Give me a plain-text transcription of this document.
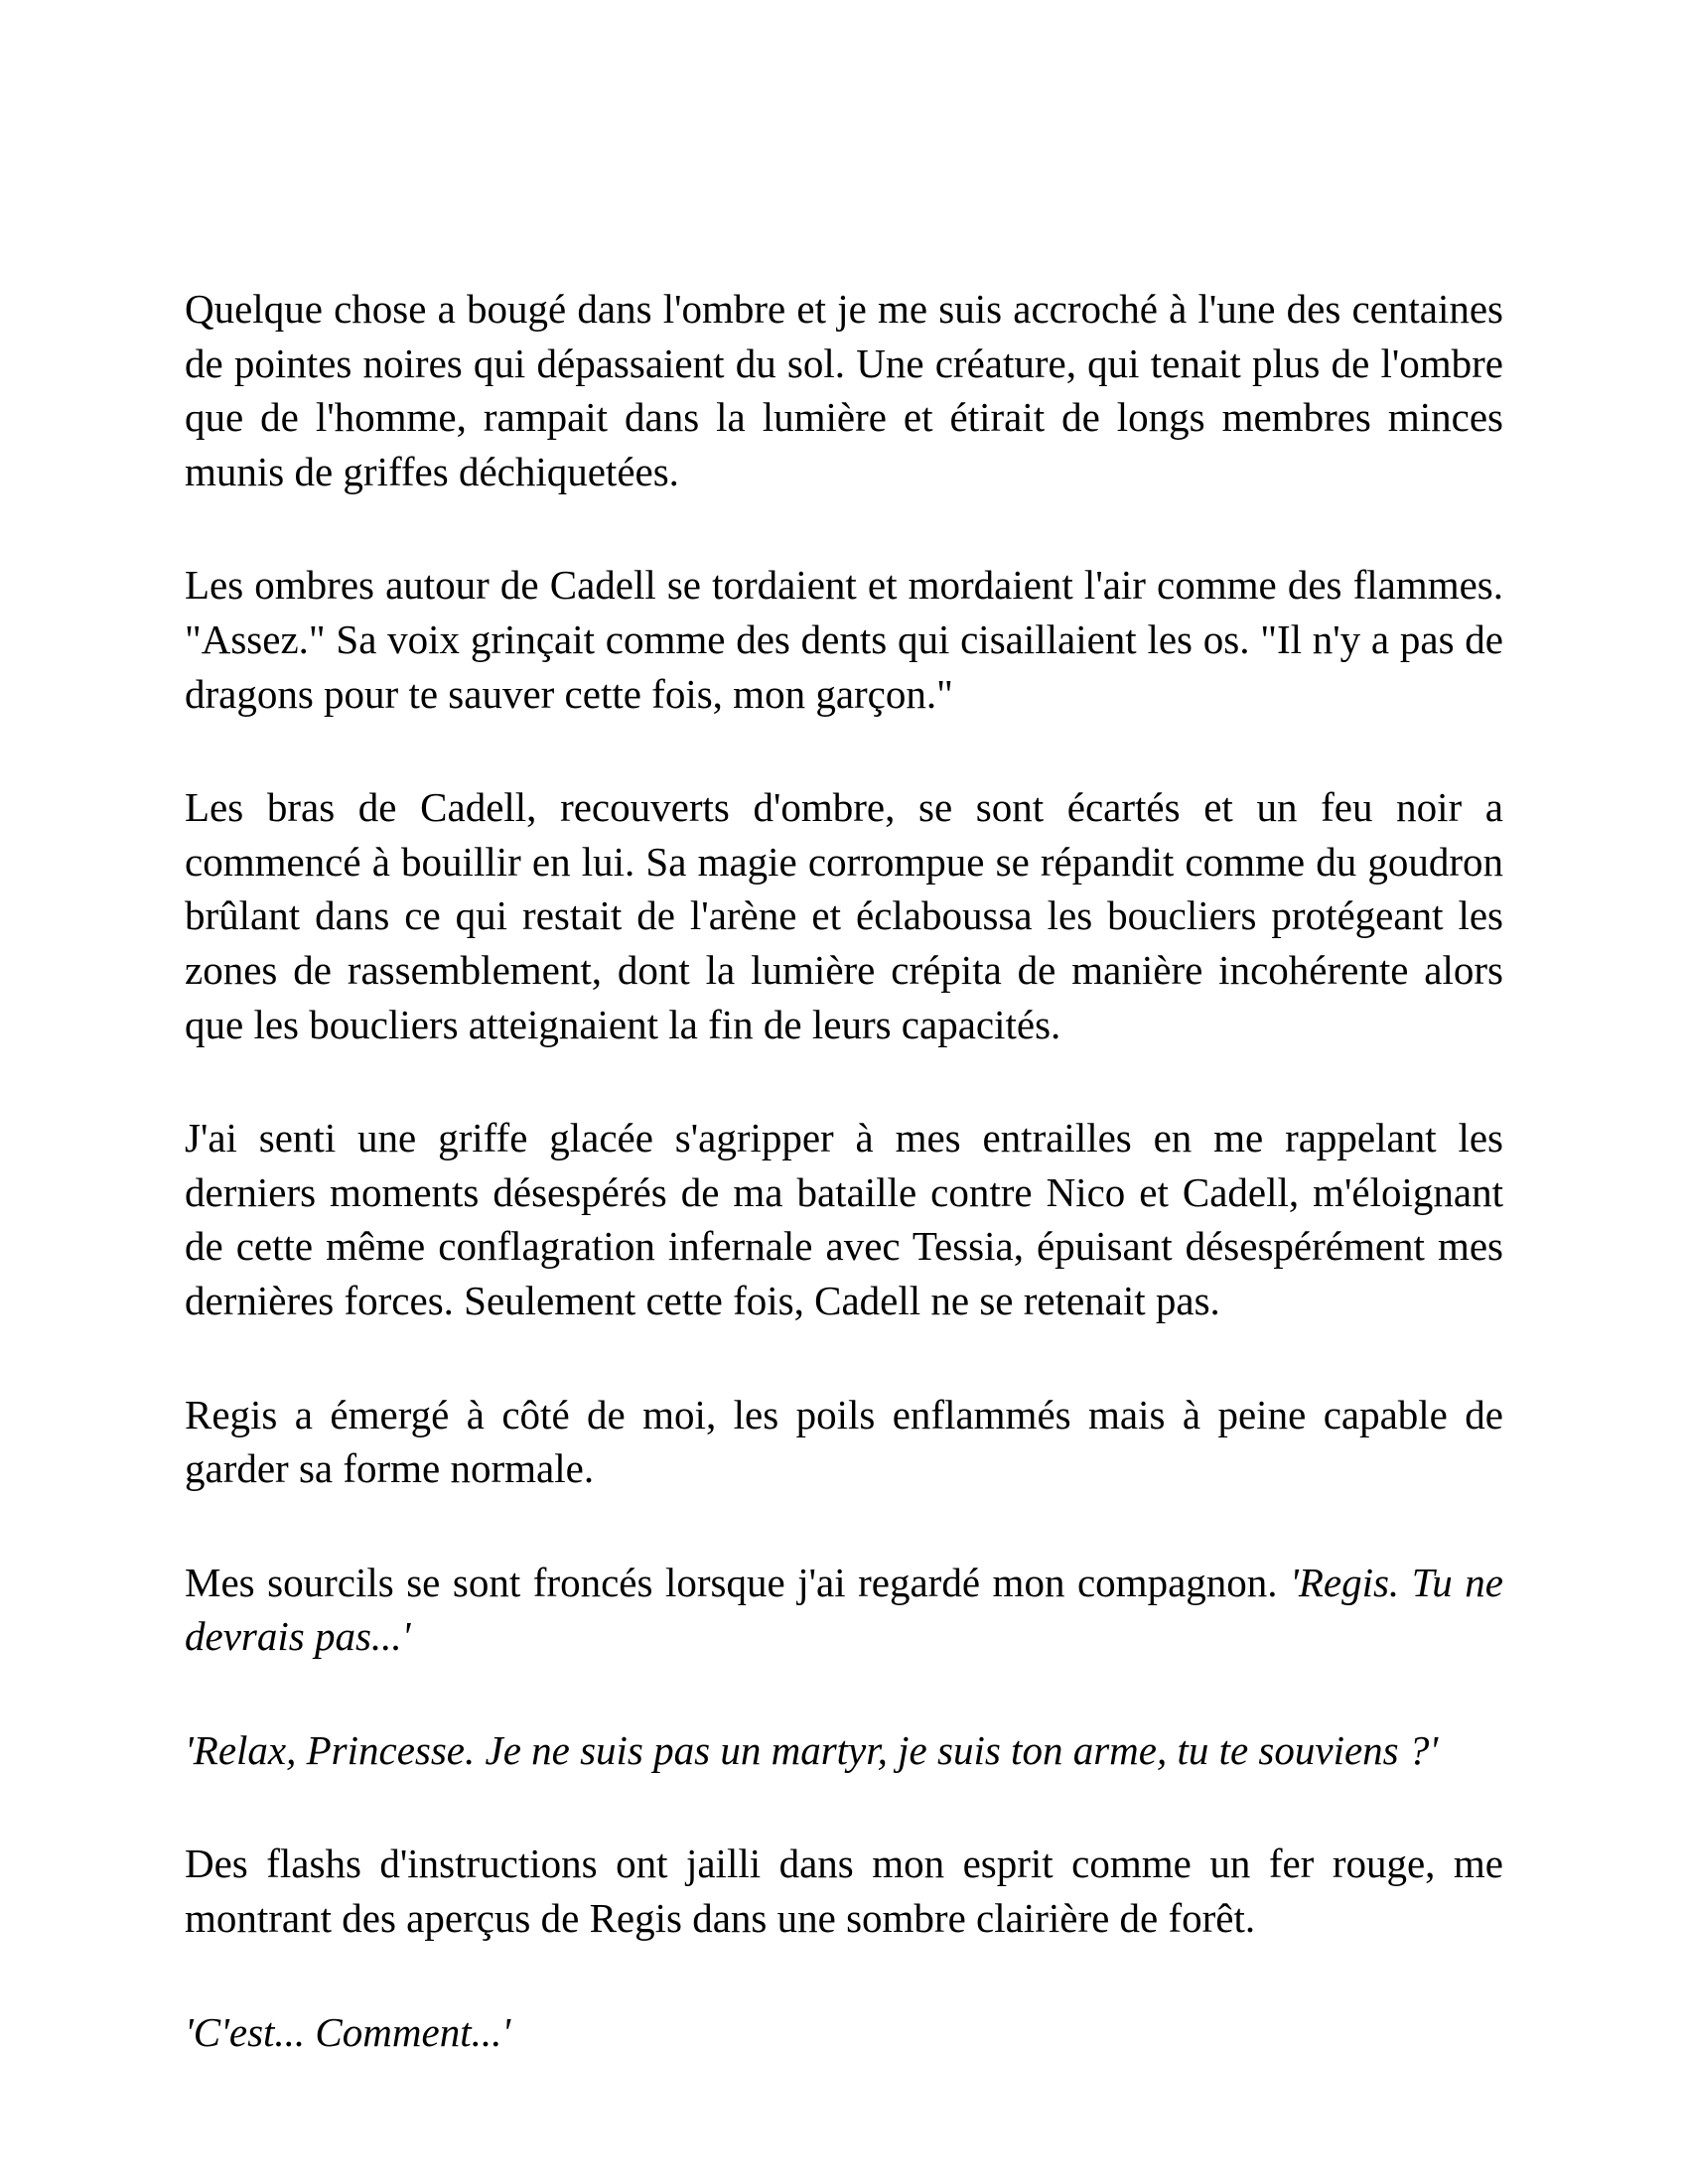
Quelque chose a bougé dans l'ombre et je me suis accroché à l'une des centaines de pointes noires qui dépassaient du sol. Une créature, qui tenait plus de l'ombre que de l'homme, rampait dans la lumière et étirait de longs membres minces munis de griffes déchiquetées.

Les ombres autour de Cadell se tordaient et mordaient l'air comme des flammes. "Assez." Sa voix grinçait comme des dents qui cisaillaient les os. "Il n'y a pas de dragons pour te sauver cette fois, mon garçon."

Les bras de Cadell, recouverts d'ombre, se sont écartés et un feu noir a commencé à bouillir en lui. Sa magie corrompue se répandit comme du goudron brûlant dans ce qui restait de l'arène et éclaboussa les boucliers protégeant les zones de rassemblement, dont la lumière crépita de manière incohérente alors que les boucliers atteignaient la fin de leurs capacités.

J'ai senti une griffe glacée s'agripper à mes entrailles en me rappelant les derniers moments désespérés de ma bataille contre Nico et Cadell, m'éloignant de cette même conflagration infernale avec Tessia, épuisant désespérément mes dernières forces. Seulement cette fois, Cadell ne se retenait pas.

Regis a émergé à côté de moi, les poils enflammés mais à peine capable de garder sa forme normale.

Mes sourcils se sont froncés lorsque j'ai regardé mon compagnon. 'Regis. Tu ne devrais pas...'

'Relax, Princesse. Je ne suis pas un martyr, je suis ton arme, tu te souviens ?'

Des flashs d'instructions ont jailli dans mon esprit comme un fer rouge, me montrant des aperçus de Regis dans une sombre clairière de forêt.

'C'est... Comment...'
